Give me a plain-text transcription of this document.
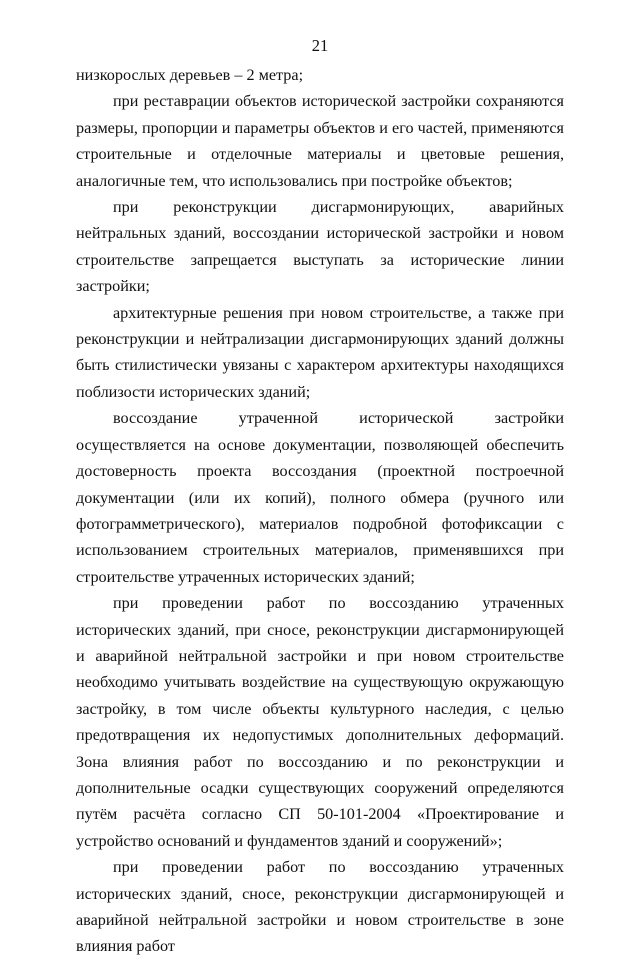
21

низкорослых деревьев – 2 метра;

при реставрации объектов исторической застройки сохраняются размеры, пропорции и параметры объектов и его частей, применяются строительные и отделочные материалы и цветовые решения, аналогичные тем, что использовались при постройке объектов;

при реконструкции дисгармонирующих, аварийных нейтральных зданий, воссоздании исторической застройки и новом строительстве запрещается выступать за исторические линии застройки;

архитектурные решения при новом строительстве, а также при реконструкции и нейтрализации дисгармонирующих зданий должны быть стилистически увязаны с характером архитектуры находящихся поблизости исторических зданий;

воссоздание утраченной исторической застройки осуществляется на основе документации, позволяющей обеспечить достоверность проекта воссоздания (проектной построечной документации (или их копий), полного обмера (ручного или фотограмметрического), материалов подробной фотофиксации с использованием строительных материалов, применявшихся при строительстве утраченных исторических зданий;

при проведении работ по воссозданию утраченных исторических зданий, при сносе, реконструкции дисгармонирующей и аварийной нейтральной застройки и при новом строительстве необходимо учитывать воздействие на существующую окружающую застройку, в том числе объекты культурного наследия, с целью предотвращения их недопустимых дополнительных деформаций. Зона влияния работ по воссозданию и по реконструкции и дополнительные осадки существующих сооружений определяются путём расчёта согласно СП 50-101-2004 «Проектирование и устройство оснований и фундаментов зданий и сооружений»;

при проведении работ по воссозданию утраченных исторических зданий, сносе, реконструкции дисгармонирующей и аварийной нейтральной застройки и новом строительстве в зоне влияния работ
